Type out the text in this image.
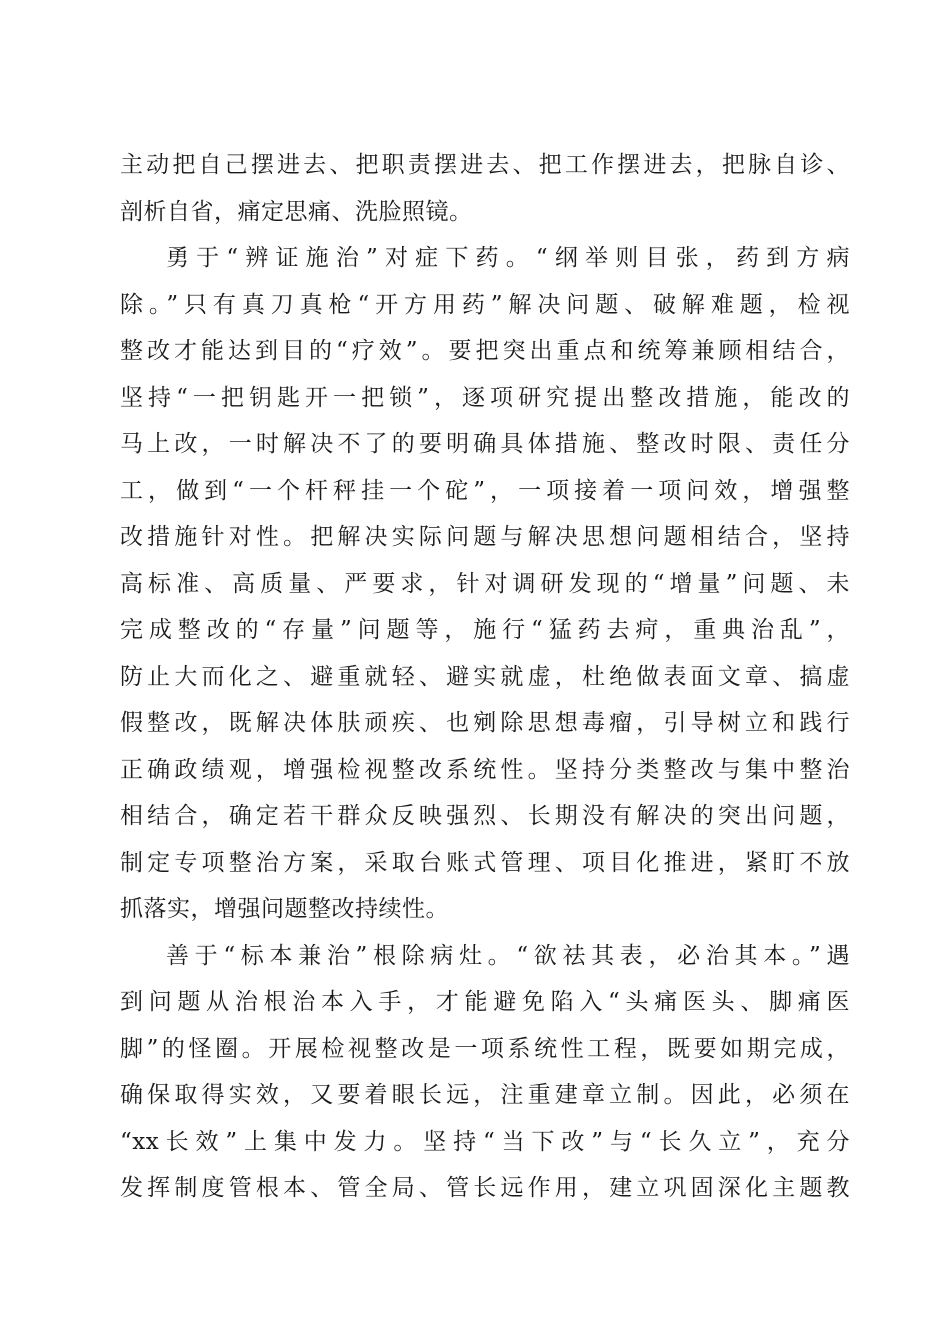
主动把自己摆进去、把职责摆进去、把工作摆进去，把脉自诊、
剖析自省，痛定思痛、洗脸照镜。
勇于“辨证施治”对症下药。“纲举则目张，药到方病
除。”只有真刀真枪“开方用药”解决问题、破解难题，检视
整改才能达到目的“疗效”。要把突出重点和统筹兼顾相结合，
坚持“一把钥匙开一把锁”，逐项研究提出整改措施，能改的
马上改，一时解决不了的要明确具体措施、整改时限、责任分
工，做到“一个杆秤挂一个砣”，一项接着一项问效，增强整
改措施针对性。把解决实际问题与解决思想问题相结合，坚持
高标准、高质量、严要求，针对调研发现的“增量”问题、未
完成整改的“存量”问题等，施行“猛药去疴，重典治乱”，
防止大而化之、避重就轻、避实就虚，杜绝做表面文章、搞虚
假整改，既解决体肤顽疾、也剜除思想毒瘤，引导树立和践行
正确政绩观，增强检视整改系统性。坚持分类整改与集中整治
相结合，确定若干群众反映强烈、长期没有解决的突出问题，
制定专项整治方案，采取台账式管理、项目化推进，紧盯不放
抓落实，增强问题整改持续性。
善于“标本兼治”根除病灶。“欲祛其表，必治其本。”遇
到问题从治根治本入手，才能避免陷入“头痛医头、脚痛医
脚”的怪圈。开展检视整改是一项系统性工程，既要如期完成，
确保取得实效，又要着眼长远，注重建章立制。因此，必须在
“xx长效”上集中发力。坚持“当下改”与“长久立”，充分
发挥制度管根本、管全局、管长远作用，建立巩固深化主题教
